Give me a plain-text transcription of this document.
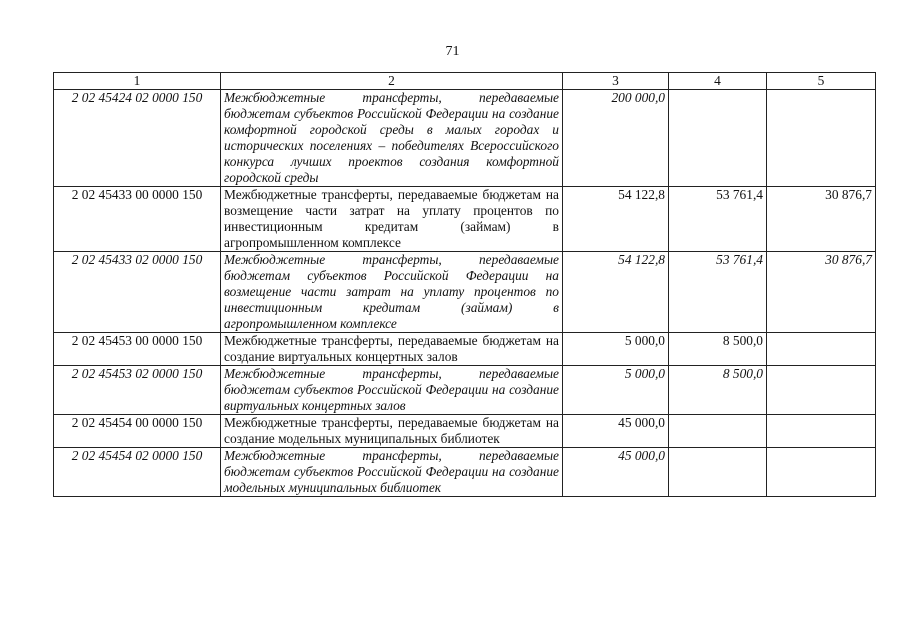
71
1	2	3	4	5
2 02 45424 02 0000 150	Межбюджетные трансферты, передаваемые бюджетам субъектов Российской Федерации на создание комфортной городской среды в малых городах и исторических поселениях – победителях Всероссийского конкурса лучших проектов создания комфортной городской среды	200 000,0		
2 02 45433 00 0000 150	Межбюджетные трансферты, передаваемые бюджетам на возмещение части затрат на уплату процентов по инвестиционным кредитам (займам) в агропромышленном комплексе	54 122,8	53 761,4	30 876,7
2 02 45433 02 0000 150	Межбюджетные трансферты, передаваемые бюджетам субъектов Российской Федерации на возмещение части затрат на уплату процентов по инвестиционным кредитам (займам) в агропромышленном комплексе	54 122,8	53 761,4	30 876,7
2 02 45453 00 0000 150	Межбюджетные трансферты, передаваемые бюджетам на создание виртуальных концертных залов	5 000,0	8 500,0	
2 02 45453 02 0000 150	Межбюджетные трансферты, передаваемые бюджетам субъектов Российской Федерации на создание виртуальных концертных залов	5 000,0	8 500,0	
2 02 45454 00 0000 150	Межбюджетные трансферты, передаваемые бюджетам на создание модельных муниципальных библиотек	45 000,0		
2 02 45454 02 0000 150	Межбюджетные трансферты, передаваемые бюджетам субъектов Российской Федерации на создание модельных муниципальных библиотек	45 000,0		
